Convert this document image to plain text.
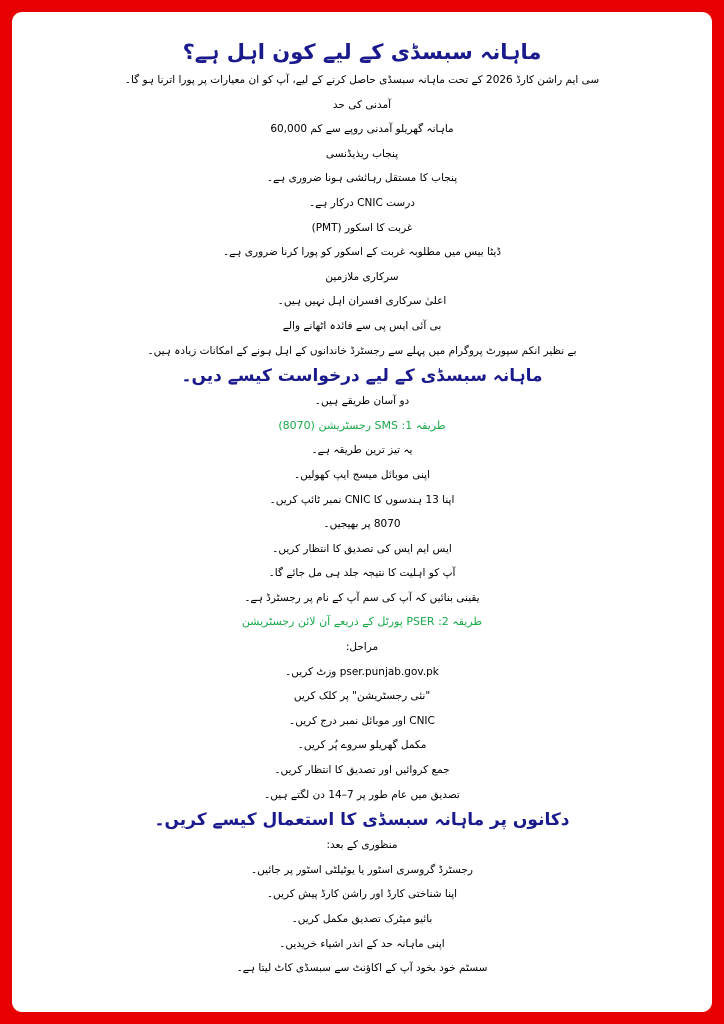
ماہانہ سبسڈی کے لیے کون اہل ہے؟

سی ایم راشن کارڈ 2026 کے تحت ماہانہ سبسڈی حاصل کرنے کے لیے، آپ کو ان معیارات پر پورا اترنا ہو گا۔

آمدنی کی حد

ماہانہ گھریلو آمدنی روپے سے کم 60,000

پنجاب ریذیڈنسی

پنجاب کا مستقل رہائشی ہونا ضروری ہے۔

درست CNIC درکار ہے۔

غربت کا اسکور (PMT)

ڈیٹا بیس میں مطلوبہ غربت کے اسکور کو پورا کرنا ضروری ہے۔

سرکاری ملازمین

اعلیٰ سرکاری افسران اہل نہیں ہیں۔

بی آئی ایس پی سے فائدہ اٹھانے والے

بے نظیر انکم سپورٹ پروگرام میں پہلے سے رجسٹرڈ خاندانوں کے اہل ہونے کے امکانات زیادہ ہیں۔

ماہانہ سبسڈی کے لیے درخواست کیسے دیں۔

دو آسان طریقے ہیں۔

طریقہ 1: SMS رجسٹریشن (8070)

یہ تیز ترین طریقہ ہے۔

اپنی موبائل میسج ایپ کھولیں۔

اپنا 13 ہندسوں کا CNIC نمبر ٹائپ کریں۔

8070 پر بھیجیں۔

ایس ایم ایس کی تصدیق کا انتظار کریں۔

آپ کو اہلیت کا نتیجہ جلد ہی مل جائے گا۔

یقینی بنائیں کہ آپ کی سم آپ کے نام پر رجسٹرڈ ہے۔

طریقہ 2: PSER پورٹل کے ذریعے آن لائن رجسٹریشن

مراحل:

pser.punjab.gov.pk وزٹ کریں۔

"نئی رجسٹریشن" پر کلک کریں

CNIC اور موبائل نمبر درج کریں۔

مکمل گھریلو سروے پُر کریں۔

جمع کروائیں اور تصدیق کا انتظار کریں۔

تصدیق میں عام طور پر 7–14 دن لگتے ہیں۔

دکانوں پر ماہانہ سبسڈی کا استعمال کیسے کریں۔

منظوری کے بعد:

رجسٹرڈ گروسری اسٹور یا یوٹیلٹی اسٹور پر جائیں۔

اپنا شناختی کارڈ اور راشن کارڈ پیش کریں۔

بائیو میٹرک تصدیق مکمل کریں۔

اپنی ماہانہ حد کے اندر اشیاء خریدیں۔

سسٹم خود بخود آپ کے اکاؤنٹ سے سبسڈی کاٹ لیتا ہے۔
